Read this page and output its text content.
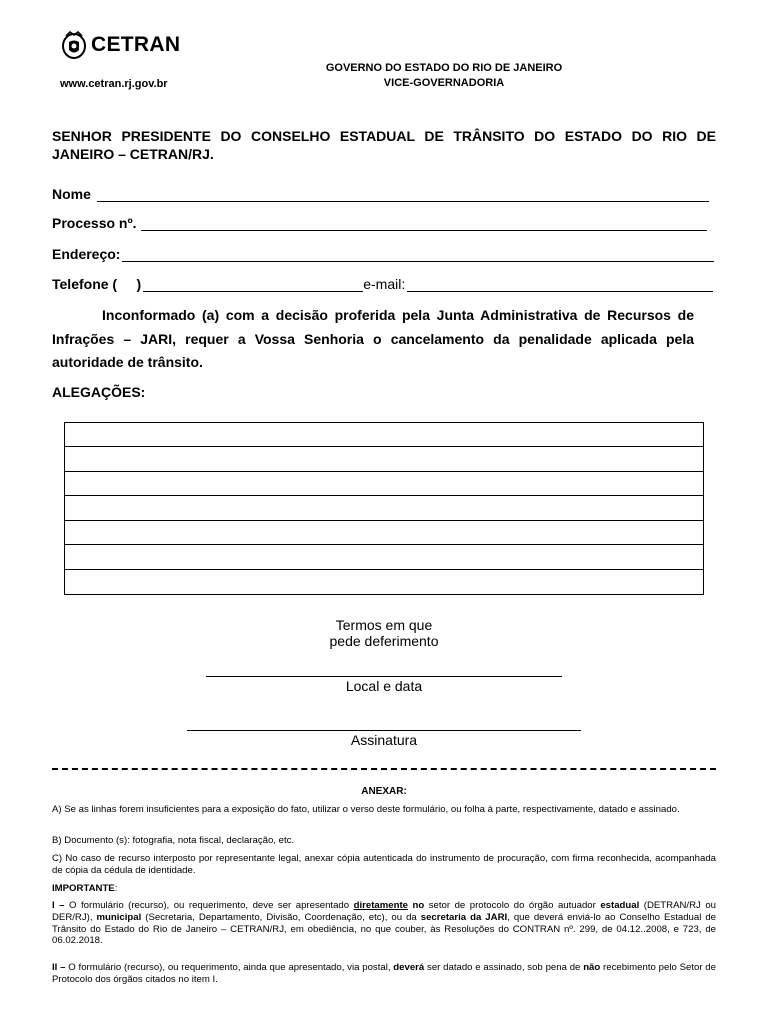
CETRAN
www.cetran.rj.gov.br
GOVERNO DO ESTADO DO RIO DE JANEIRO
VICE-GOVERNADORIA
SENHOR PRESIDENTE DO CONSELHO ESTADUAL DE TRÂNSITO DO ESTADO DO RIO DE JANEIRO – CETRAN/RJ.
Nome
Processo nº.
Endereço:
Telefone (     )	e-mail:
Inconformado (a) com a decisão proferida pela Junta Administrativa de Recursos de Infrações – JARI, requer a Vossa Senhoria o cancelamento da penalidade aplicada pela autoridade de trânsito.
ALEGAÇÕES:
Termos em que
pede deferimento
Local e data
Assinatura
ANEXAR:
A) Se as linhas forem insuficientes para a exposição do fato, utilizar o verso deste formulário, ou folha à parte, respectivamente, datado e assinado.
B) Documento (s): fotografia, nota fiscal, declaração, etc.
C) No caso de recurso interposto por representante legal, anexar cópia autenticada do instrumento de procuração, com firma reconhecida, acompanhada de cópia da cédula de identidade.
IMPORTANTE:
I – O formulário (recurso), ou requerimento, deve ser apresentado diretamente no setor de protocolo do órgão autuador estadual (DETRAN/RJ ou DER/RJ), municipal (Secretaria, Departamento, Divisão, Coordenação, etc), ou da secretaria da JARI, que deverá enviá-lo ao Conselho Estadual de Trânsito do Estado do Rio de Janeiro – CETRAN/RJ, em obediência, no que couber, às Resoluções do CONTRAN nº. 299, de 04.12..2008, e 723, de 06.02.2018.
II – O formulário (recurso), ou requerimento, ainda que apresentado, via postal, deverá ser datado e assinado, sob pena de não recebimento pelo Setor de Protocolo dos órgãos citados no item I.
